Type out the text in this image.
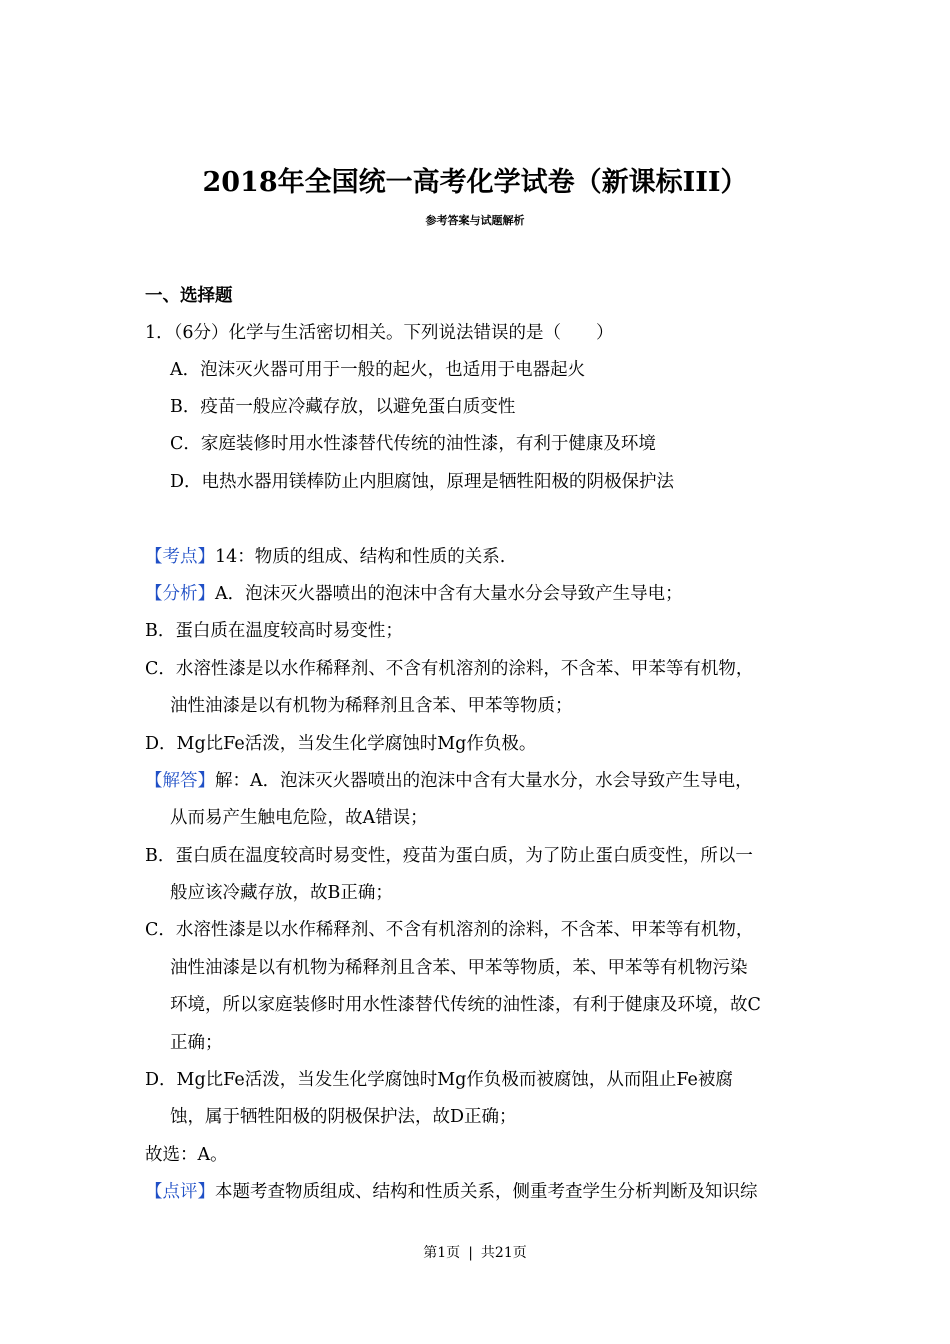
2018年全国统一高考化学试卷（新课标III）
参考答案与试题解析
一、选择题
1．（6分）化学与生活密切相关。下列说法错误的是（　　）
A．泡沫灭火器可用于一般的起火，也适用于电器起火
B．疫苗一般应冷藏存放，以避免蛋白质变性
C．家庭装修时用水性漆替代传统的油性漆，有利于健康及环境
D．电热水器用镁棒防止内胆腐蚀，原理是牺牲阳极的阴极保护法
【考点】14：物质的组成、结构和性质的关系.
【分析】A．泡沫灭火器喷出的泡沫中含有大量水分会导致产生导电；
B．蛋白质在温度较高时易变性；
C．水溶性漆是以水作稀释剂、不含有机溶剂的涂料，不含苯、甲苯等有机物，
油性油漆是以有机物为稀释剂且含苯、甲苯等物质；
D．Mg比Fe活泼，当发生化学腐蚀时Mg作负极。
【解答】解：A．泡沫灭火器喷出的泡沫中含有大量水分，水会导致产生导电，
从而易产生触电危险，故A错误；
B．蛋白质在温度较高时易变性，疫苗为蛋白质，为了防止蛋白质变性，所以一
般应该冷藏存放，故B正确；
C．水溶性漆是以水作稀释剂、不含有机溶剂的涂料，不含苯、甲苯等有机物，
油性油漆是以有机物为稀释剂且含苯、甲苯等物质，苯、甲苯等有机物污染
环境，所以家庭装修时用水性漆替代传统的油性漆，有利于健康及环境，故C
正确；
D．Mg比Fe活泼，当发生化学腐蚀时Mg作负极而被腐蚀，从而阻止Fe被腐
蚀，属于牺牲阳极的阴极保护法，故D正确；
故选：A。
【点评】本题考查物质组成、结构和性质关系，侧重考查学生分析判断及知识综
第1页 | 共21页
